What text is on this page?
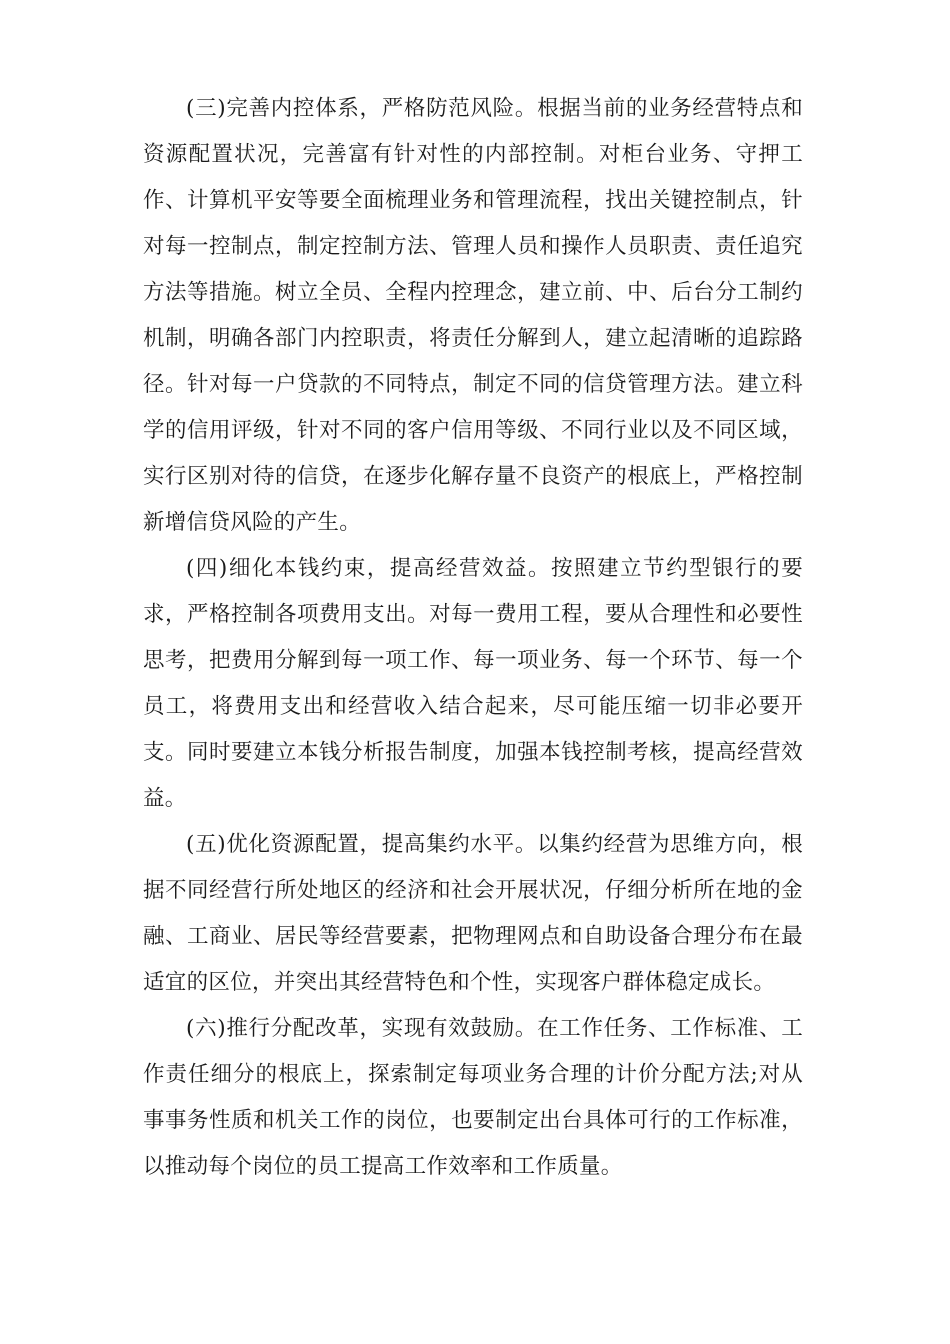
(三)完善内控体系，严格防范风险。根据当前的业务经营特点和资源配置状况，完善富有针对性的内部控制。对柜台业务、守押工作、计算机平安等要全面梳理业务和管理流程，找出关键控制点，针对每一控制点，制定控制方法、管理人员和操作人员职责、责任追究方法等措施。树立全员、全程内控理念，建立前、中、后台分工制约机制，明确各部门内控职责，将责任分解到人，建立起清晰的追踪路径。针对每一户贷款的不同特点，制定不同的信贷管理方法。建立科学的信用评级，针对不同的客户信用等级、不同行业以及不同区域，实行区别对待的信贷，在逐步化解存量不良资产的根底上，严格控制新增信贷风险的产生。

(四)细化本钱约束，提高经营效益。按照建立节约型银行的要求，严格控制各项费用支出。对每一费用工程，要从合理性和必要性思考，把费用分解到每一项工作、每一项业务、每一个环节、每一个员工，将费用支出和经营收入结合起来，尽可能压缩一切非必要开支。同时要建立本钱分析报告制度，加强本钱控制考核，提高经营效益。

(五)优化资源配置，提高集约水平。以集约经营为思维方向，根据不同经营行所处地区的经济和社会开展状况，仔细分析所在地的金融、工商业、居民等经营要素，把物理网点和自助设备合理分布在最适宜的区位，并突出其经营特色和个性，实现客户群体稳定成长。

(六)推行分配改革，实现有效鼓励。在工作任务、工作标准、工作责任细分的根底上，探索制定每项业务合理的计价分配方法;对从事事务性质和机关工作的岗位，也要制定出台具体可行的工作标准，以推动每个岗位的员工提高工作效率和工作质量。
